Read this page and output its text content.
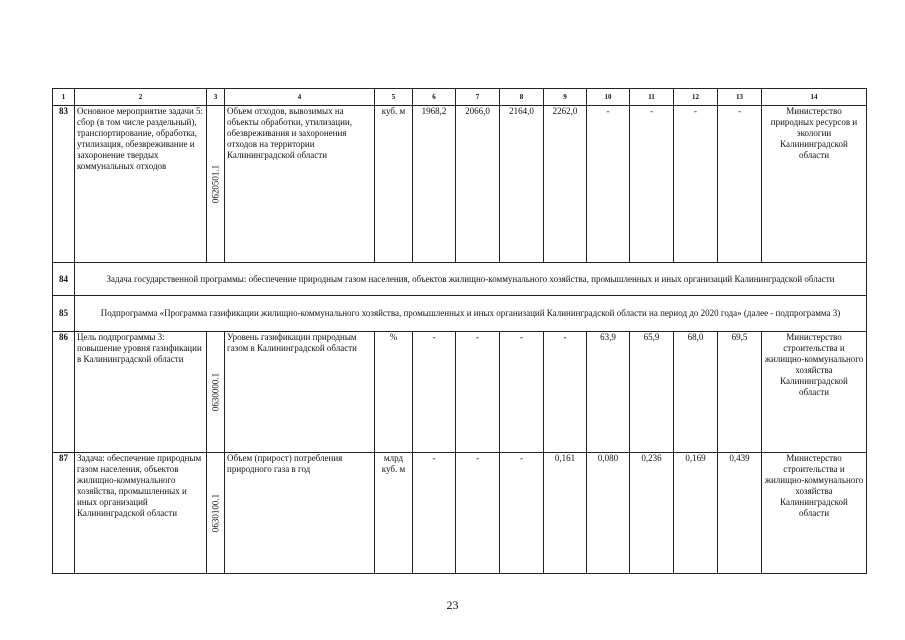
1	2	3	4	5	6	7	8	9	10	11	12	13	14
83	Основное мероприятие задачи 5: сбор (в том числе раздельный), транспортирование, обработка, утилизация, обезвреживание и захоронение твердых коммунальных отходов	0620501.1	Объем отходов, вывозимых на объекты обработки, утилизации, обезвреживания и захоронения отходов на территории Калининградской области	куб. м	1968,2	2066,0	2164,0	2262,0	-	-	-	-	Министерство природных ресурсов и экологии Калининградской области
84	Задача государственной программы: обеспечение природным газом населения, объектов жилищно-коммунального хозяйства, промышленных и иных организаций Калининградской области												
85	Подпрограмма «Программа газификации жилищно-коммунального хозяйства, промышленных и иных организаций Калининградской области на период до 2020 года» (далее - подпрограмма 3)												
86	Цель подпрограммы 3: повышение уровня газификации в Калининградской области	0630000.1	Уровень газификации природным газом в Калининградской области	%	-	-	-	-	63,9	65,9	68,0	69,5	Министерство строительства и жилищно-коммунального хозяйства Калининградской области
87	Задача: обеспечение природным газом населения, объектов жилищно-коммунального хозяйства, промышленных и иных организаций Калининградской области	0630100.1	Объем (прирост) потребления природного газа в год	млрд куб. м	-	-	-	0,161	0,080	0,236	0,169	0,439	Министерство строительства и жилищно-коммунального хозяйства Калининградской области
23
